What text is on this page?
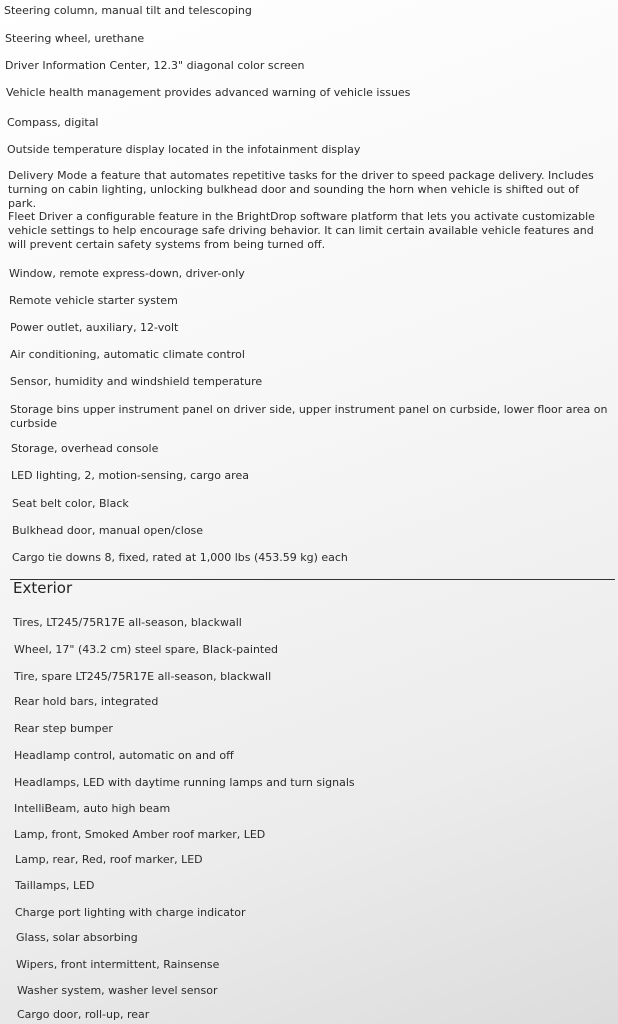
Steering column, manual tilt and telescoping
Steering wheel, urethane
Driver Information Center, 12.3" diagonal color screen
Vehicle health management provides advanced warning of vehicle issues
Compass, digital
Outside temperature display located in the infotainment display
Delivery Mode a feature that automates repetitive tasks for the driver to speed package delivery. Includes turning on cabin lighting, unlocking bulkhead door and sounding the horn when vehicle is shifted out of park.
Fleet Driver a configurable feature in the BrightDrop software platform that lets you activate customizable vehicle settings to help encourage safe driving behavior. It can limit certain available vehicle features and will prevent certain safety systems from being turned off.
Window, remote express-down, driver-only
Remote vehicle starter system
Power outlet, auxiliary, 12-volt
Air conditioning, automatic climate control
Sensor, humidity and windshield temperature
Storage bins upper instrument panel on driver side, upper instrument panel on curbside, lower floor area on curbside
Storage, overhead console
LED lighting, 2, motion-sensing, cargo area
Seat belt color, Black
Bulkhead door, manual open/close
Cargo tie downs 8, fixed, rated at 1,000 lbs (453.59 kg) each
Exterior
Tires, LT245/75R17E all-season, blackwall
Wheel, 17" (43.2 cm) steel spare, Black-painted
Tire, spare LT245/75R17E all-season, blackwall
Rear hold bars, integrated
Rear step bumper
Headlamp control, automatic on and off
Headlamps, LED with daytime running lamps and turn signals
IntelliBeam, auto high beam
Lamp, front, Smoked Amber roof marker, LED
Lamp, rear, Red, roof marker, LED
Taillamps, LED
Charge port lighting with charge indicator
Glass, solar absorbing
Wipers, front intermittent, Rainsense
Washer system, washer level sensor
Cargo door, roll-up, rear
